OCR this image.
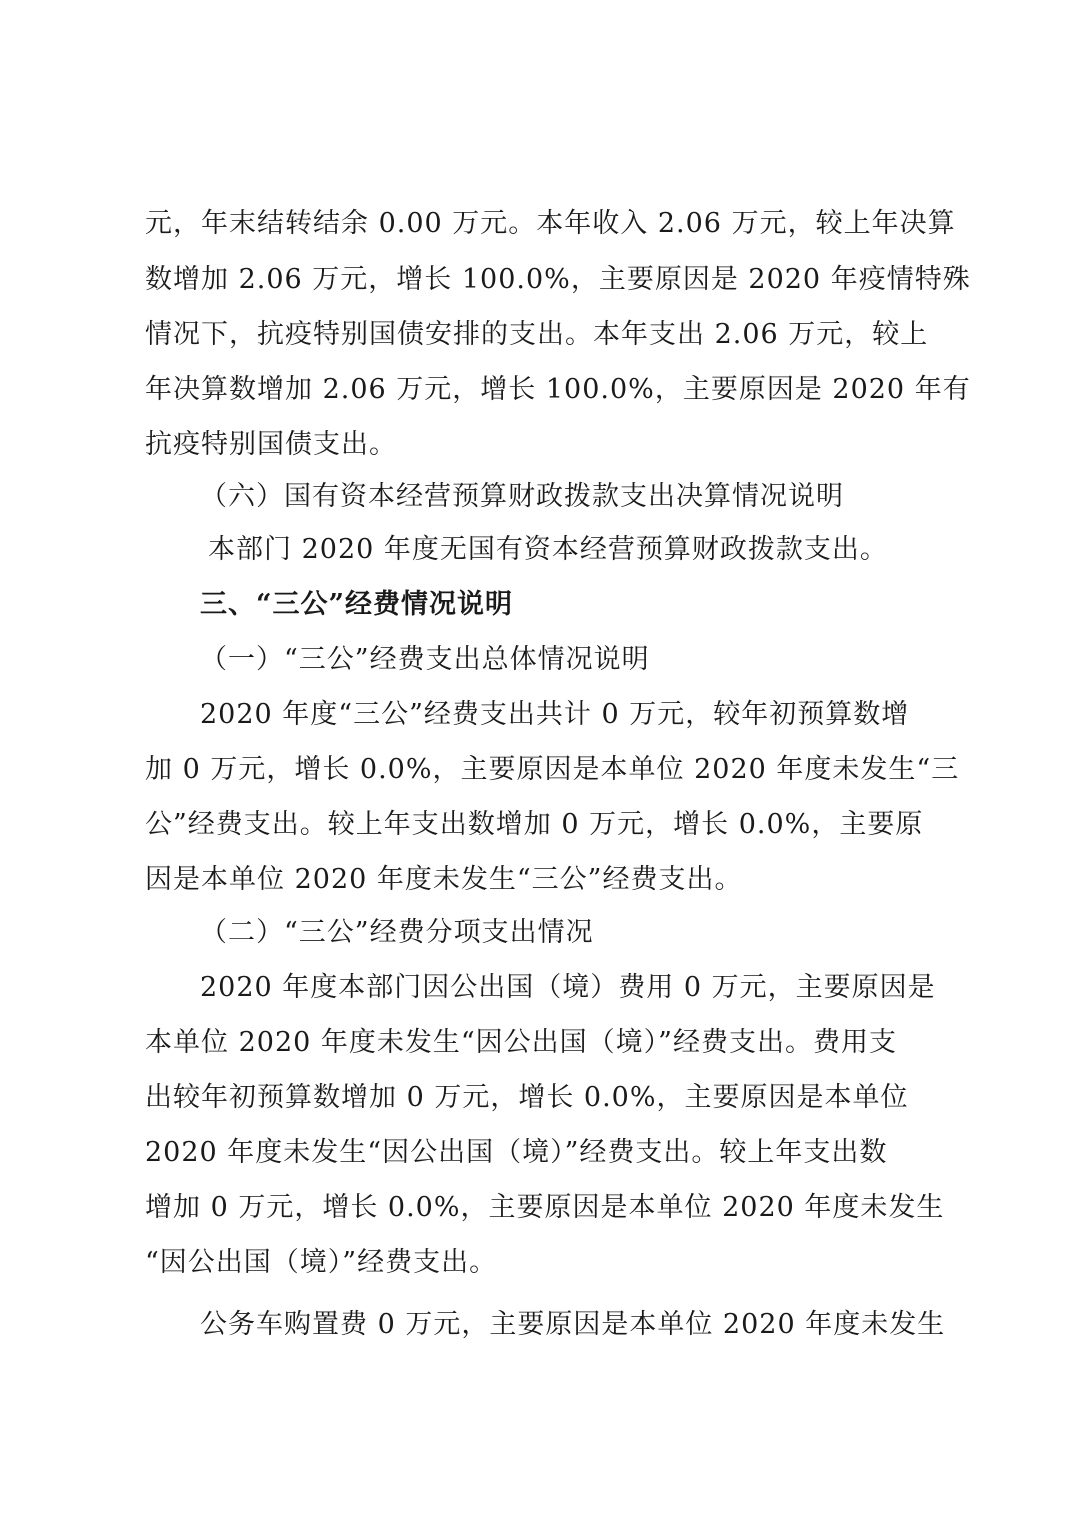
元，年末结转结余 0.00 万元。本年收入 2.06 万元，较上年决算
数增加 2.06 万元，增长 100.0%，主要原因是 2020 年疫情特殊
情况下，抗疫特别国债安排的支出。本年支出 2.06 万元，较上
年决算数增加 2.06 万元，增长 100.0%，主要原因是 2020 年有
抗疫特别国债支出。
（六）国有资本经营预算财政拨款支出决算情况说明
本部门 2020 年度无国有资本经营预算财政拨款支出。
三、“三公”经费情况说明
（一）“三公”经费支出总体情况说明
2020 年度“三公”经费支出共计 0 万元，较年初预算数增
加 0 万元，增长 0.0%，主要原因是本单位 2020 年度未发生“三
公”经费支出。较上年支出数增加 0 万元，增长 0.0%，主要原
因是本单位 2020 年度未发生“三公”经费支出。
（二）“三公”经费分项支出情况
2020 年度本部门因公出国（境）费用 0 万元，主要原因是
本单位 2020 年度未发生“因公出国（境）”经费支出。费用支
出较年初预算数增加 0 万元，增长 0.0%，主要原因是本单位
2020 年度未发生“因公出国（境）”经费支出。较上年支出数
增加 0 万元，增长 0.0%，主要原因是本单位 2020 年度未发生
“因公出国（境）”经费支出。
公务车购置费 0 万元，主要原因是本单位 2020 年度未发生
